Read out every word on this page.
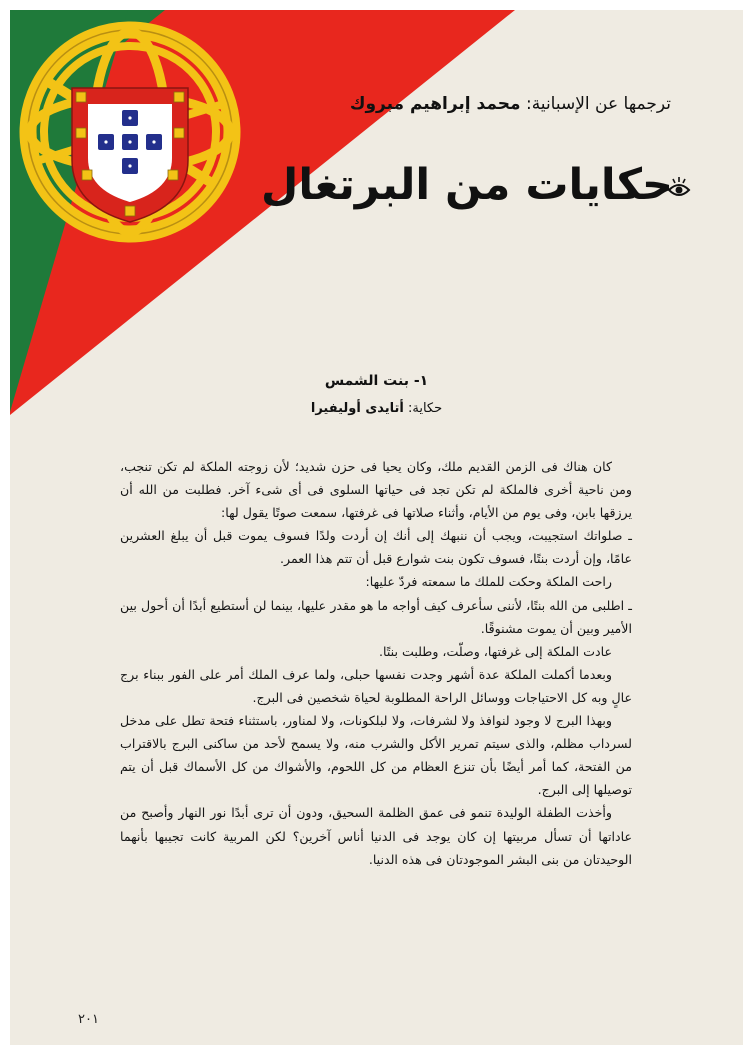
ترجمها عن الإسبانية: محمد إبراهيم مبروك
حكايات من البرتغال
١- بنت الشمس
حكاية: أتايدى أوليفيرا

كان هناك فى الزمن القديم ملك، وكان يحيا فى حزن شديد؛ لأن زوجته الملكة لم تكن تنجب، ومن ناحية أخرى فالملكة لم تكن تجد فى حياتها السلوى فى أى شىء آخر. فطلبت من الله أن يرزقها بابن، وفى يوم من الأيام، وأثناء صلاتها فى غرفتها، سمعت صوتًا يقول لها:

ـ صلواتك استجيبت، ويجب أن ننبهك إلى أنك إن أردت ولدًا فسوف يموت قبل أن يبلغ العشرين عامًا، وإن أردت بنتًا، فسوف تكون بنت شوارع قبل أن تتم هذا العمر.

راحت الملكة وحكت للملك ما سمعته فردّ عليها:

ـ اطلبى من الله بنتًا، لأننى سأعرف كيف أواجه ما هو مقدر عليها، بينما لن أستطيع أبدًا أن أحول بين الأمير وبين أن يموت مشنوقًا.

عادت الملكة إلى غرفتها، وصلّت، وطلبت بنتًا.

وبعدما أكملت الملكة عدة أشهر وجدت نفسها حبلى، ولما عرف الملك أمر على الفور ببناء برج عالٍ وبه كل الاحتياجات ووسائل الراحة المطلوبة لحياة شخصين فى البرج.

وبهذا البرج لا وجود لنوافذ ولا لشرفات، ولا لبلكونات، ولا لمناور، باستثناء فتحة تطل على مدخل لسرداب مظلم، والذى سيتم تمرير الأكل والشرب منه، ولا يسمح لأحد من ساكنى البرج بالاقتراب من الفتحة، كما أمر أيضًا بأن تنزع العظام من كل اللحوم، والأشواك من كل الأسماك قبل أن يتم توصيلها إلى البرج.

وأخذت الطفلة الوليدة تنمو فى عمق الظلمة السحيق، ودون أن ترى أبدًا نور النهار وأصبح من عاداتها أن تسأل مربيتها إن كان يوجد فى الدنيا أناس آخرين؟ لكن المربية كانت تجيبها بأنهما الوحيدتان من بنى البشر الموجودتان فى هذه الدنيا.

٢٠١
